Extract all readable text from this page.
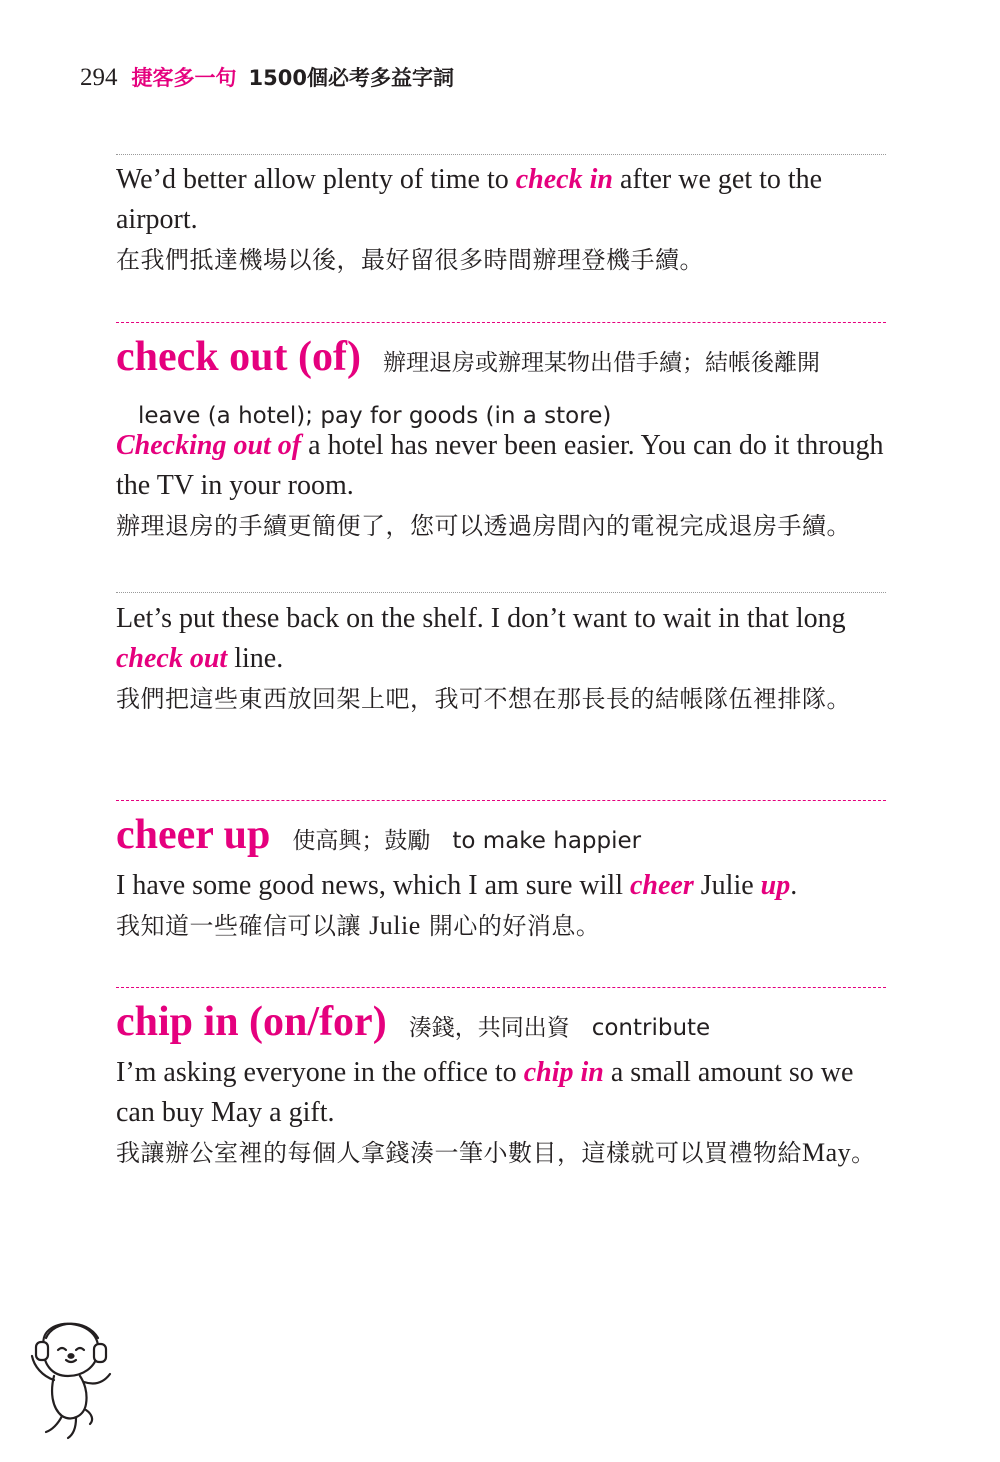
294 捷客多一句 1500個必考多益字詞
We’d better allow plenty of time to check in after we get to the airport.
在我們抵達機場以後，最好留很多時間辦理登機手續。
check out (of) 辦理退房或辦理某物出借手續；結帳後離開leave (a hotel); pay for goods (in a store)
Checking out of a hotel has never been easier. You can do it through the TV in your room.
辦理退房的手續更簡便了，您可以透過房間內的電視完成退房手續。
Let’s put these back on the shelf. I don’t want to wait in that long check out line.
我們把這些東西放回架上吧，我可不想在那長長的結帳隊伍裡排隊。
cheer up 使高興；鼓勵 to make happier
I have some good news, which I am sure will cheer Julie up.
我知道一些確信可以讓 Julie 開心的好消息。
chip in (on/for) 湊錢，共同出資 contribute
I’m asking everyone in the office to chip in a small amount so we can buy May a gift.
我讓辦公室裡的每個人拿錢湊一筆小數目，這樣就可以買禮物給May。
